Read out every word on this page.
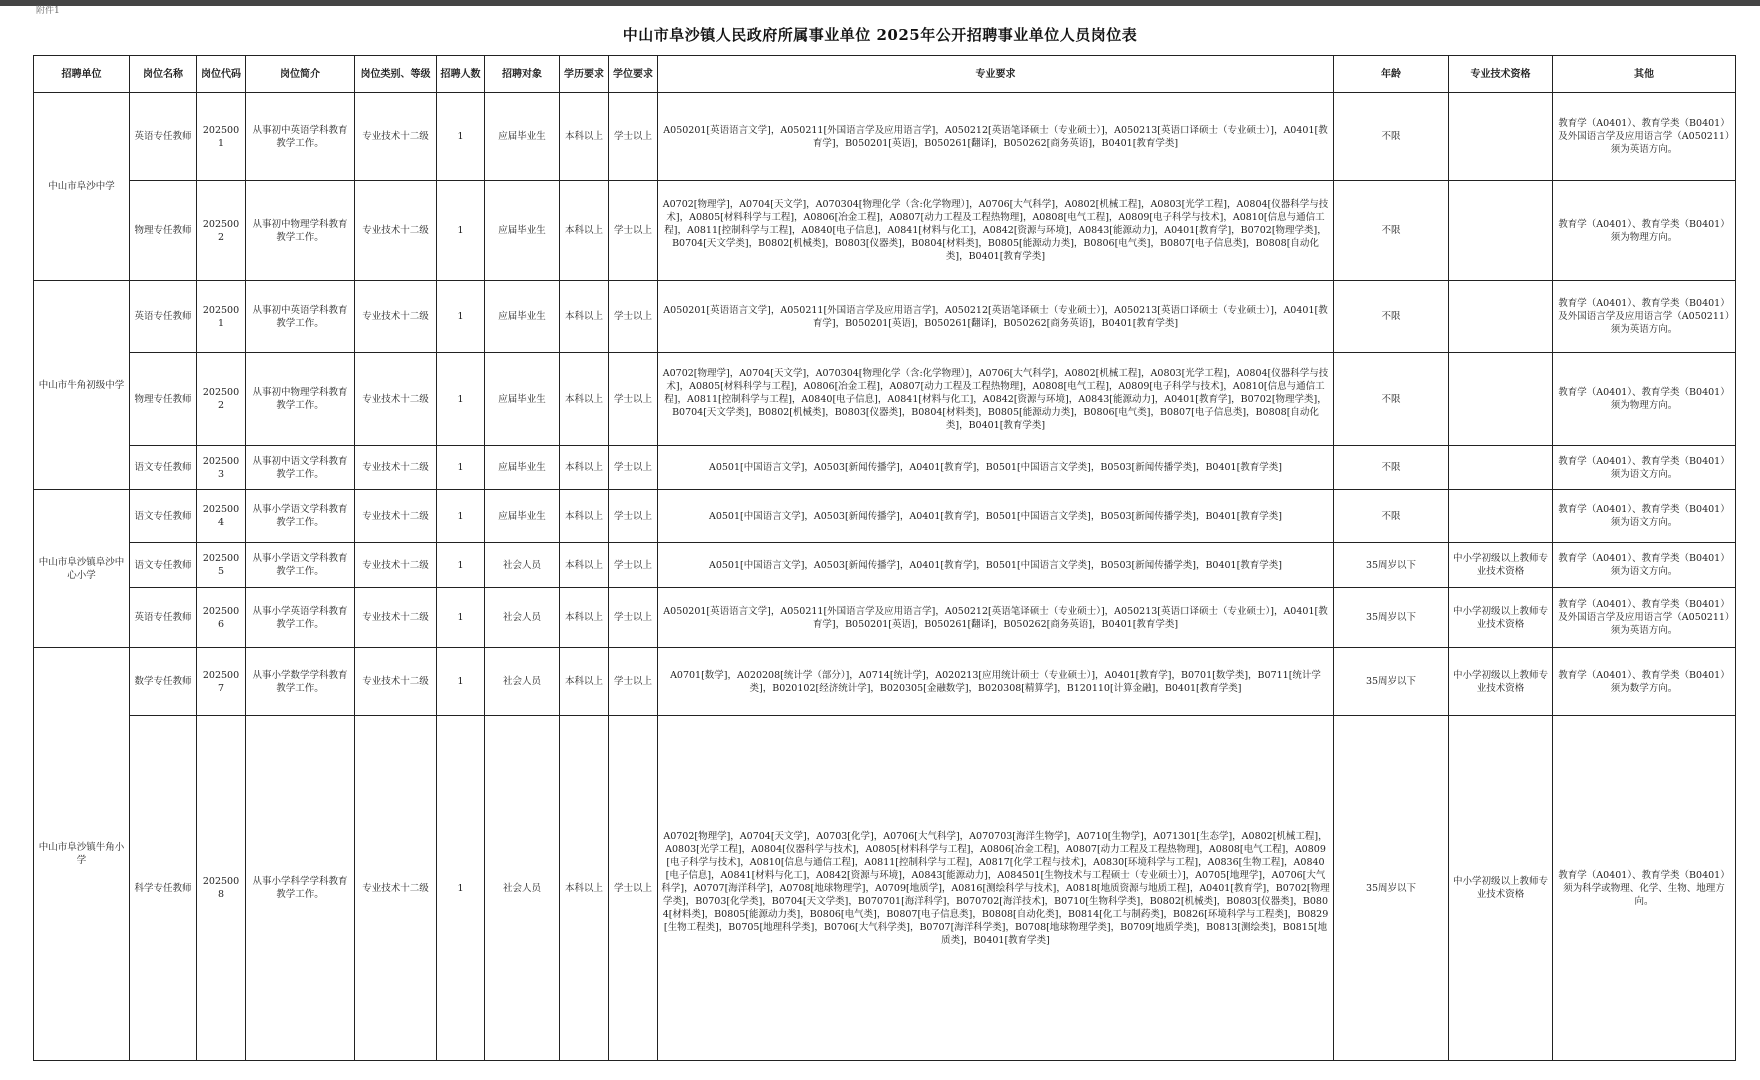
附件1
中山市阜沙镇人民政府所属事业单位 2025年公开招聘事业单位人员岗位表
招聘单位	岗位名称	岗位代码	岗位简介	岗位类别、等级	招聘人数	招聘对象	学历要求	学位要求	专业要求	年龄	专业技术资格	其他
中山市阜沙中学	英语专任教师	2025001	从事初中英语学科教育教学工作。	专业技术十二级	1	应届毕业生	本科以上	学士以上	A050201[英语语言文学]，A050211[外国语言学及应用语言学]，A050212[英语笔译硕士（专业硕士）]，A050213[英语口译硕士（专业硕士）]，A0401[教育学]，B050201[英语]，B050261[翻译]，B050262[商务英语]，B0401[教育学类]	不限		教育学（A0401）、教育学类（B0401）及外国语言学及应用语言学（A050211）须为英语方向。
	物理专任教师	2025002	从事初中物理学科教育教学工作。	专业技术十二级	1	应届毕业生	本科以上	学士以上	A0702[物理学]，A0704[天文学]，A070304[物理化学（含:化学物理）]，A0706[大气科学]，A0802[机械工程]，A0803[光学工程]，A0804[仪器科学与技术]，A0805[材料科学与工程]，A0806[冶金工程]，A0807[动力工程及工程热物理]，A0808[电气工程]，A0809[电子科学与技术]，A0810[信息与通信工程]，A0811[控制科学与工程]，A0840[电子信息]，A0841[材料与化工]，A0842[资源与环境]，A0843[能源动力]，A0401[教育学]，B0702[物理学类]，B0704[天文学类]，B0802[机械类]，B0803[仪器类]，B0804[材料类]，B0805[能源动力类]，B0806[电气类]，B0807[电子信息类]，B0808[自动化类]，B0401[教育学类]	不限		教育学（A0401）、教育学类（B0401）须为物理方向。
中山市牛角初级中学	英语专任教师	2025001	从事初中英语学科教育教学工作。	专业技术十二级	1	应届毕业生	本科以上	学士以上	A050201[英语语言文学]，A050211[外国语言学及应用语言学]，A050212[英语笔译硕士（专业硕士）]，A050213[英语口译硕士（专业硕士）]，A0401[教育学]，B050201[英语]，B050261[翻译]，B050262[商务英语]，B0401[教育学类]	不限		教育学（A0401）、教育学类（B0401）及外国语言学及应用语言学（A050211）须为英语方向。
	物理专任教师	2025002	从事初中物理学科教育教学工作。	专业技术十二级	1	应届毕业生	本科以上	学士以上	A0702[物理学]，A0704[天文学]，A070304[物理化学（含:化学物理）]，A0706[大气科学]，A0802[机械工程]，A0803[光学工程]，A0804[仪器科学与技术]，A0805[材料科学与工程]，A0806[冶金工程]，A0807[动力工程及工程热物理]，A0808[电气工程]，A0809[电子科学与技术]，A0810[信息与通信工程]，A0811[控制科学与工程]，A0840[电子信息]，A0841[材料与化工]，A0842[资源与环境]，A0843[能源动力]，A0401[教育学]，B0702[物理学类]，B0704[天文学类]，B0802[机械类]，B0803[仪器类]，B0804[材料类]，B0805[能源动力类]，B0806[电气类]，B0807[电子信息类]，B0808[自动化类]，B0401[教育学类]	不限		教育学（A0401）、教育学类（B0401）须为物理方向。
	语文专任教师	2025003	从事初中语文学科教育教学工作。	专业技术十二级	1	应届毕业生	本科以上	学士以上	A0501[中国语言文学]，A0503[新闻传播学]，A0401[教育学]，B0501[中国语言文学类]，B0503[新闻传播学类]，B0401[教育学类]	不限		教育学（A0401）、教育学类（B0401）须为语文方向。
中山市阜沙镇阜沙中心小学	语文专任教师	2025004	从事小学语文学科教育教学工作。	专业技术十二级	1	应届毕业生	本科以上	学士以上	A0501[中国语言文学]，A0503[新闻传播学]，A0401[教育学]，B0501[中国语言文学类]，B0503[新闻传播学类]，B0401[教育学类]	不限		教育学（A0401）、教育学类（B0401）须为语文方向。
	语文专任教师	2025005	从事小学语文学科教育教学工作。	专业技术十二级	1	社会人员	本科以上	学士以上	A0501[中国语言文学]，A0503[新闻传播学]，A0401[教育学]，B0501[中国语言文学类]，B0503[新闻传播学类]，B0401[教育学类]	35周岁以下	中小学初级以上教师专业技术资格	教育学（A0401）、教育学类（B0401）须为语文方向。
	英语专任教师	2025006	从事小学英语学科教育教学工作。	专业技术十二级	1	社会人员	本科以上	学士以上	A050201[英语语言文学]，A050211[外国语言学及应用语言学]，A050212[英语笔译硕士（专业硕士）]，A050213[英语口译硕士（专业硕士）]，A0401[教育学]，B050201[英语]，B050261[翻译]，B050262[商务英语]，B0401[教育学类]	35周岁以下	中小学初级以上教师专业技术资格	教育学（A0401）、教育学类（B0401）及外国语言学及应用语言学（A050211）须为英语方向。
中山市阜沙镇牛角小学	数学专任教师	2025007	从事小学数学学科教育教学工作。	专业技术十二级	1	社会人员	本科以上	学士以上	A0701[数学]，A020208[统计学（部分）]，A0714[统计学]，A020213[应用统计硕士（专业硕士）]，A0401[教育学]，B0701[数学类]，B0711[统计学类]，B020102[经济统计学]，B020305[金融数学]，B020308[精算学]，B120110[计算金融]，B0401[教育学类]	35周岁以下	中小学初级以上教师专业技术资格	教育学（A0401）、教育学类（B0401）须为数学方向。
	科学专任教师	2025008	从事小学科学学科教育教学工作。	专业技术十二级	1	社会人员	本科以上	学士以上	A0702[物理学]，A0704[天文学]，A0703[化学]，A0706[大气科学]，A070703[海洋生物学]，A0710[生物学]，A071301[生态学]，A0802[机械工程]，A0803[光学工程]，A0804[仪器科学与技术]，A0805[材料科学与工程]，A0806[冶金工程]，A0807[动力工程及工程热物理]，A0808[电气工程]，A0809[电子科学与技术]，A0810[信息与通信工程]，A0811[控制科学与工程]，A0817[化学工程与技术]，A0830[环境科学与工程]，A0836[生物工程]，A0840[电子信息]，A0841[材料与化工]，A0842[资源与环境]，A0843[能源动力]，A084501[生物技术与工程硕士（专业硕士）]，A0705[地理学]，A0706[大气科学]，A0707[海洋科学]，A0708[地球物理学]，A0709[地质学]，A0816[测绘科学与技术]，A0818[地质资源与地质工程]，A0401[教育学]，B0702[物理学类]，B0703[化学类]，B0704[天文学类]，B070701[海洋科学]，B070702[海洋技术]，B0710[生物科学类]，B0802[机械类]，B0803[仪器类]，B0804[材料类]，B0805[能源动力类]，B0806[电气类]，B0807[电子信息类]，B0808[自动化类]，B0814[化工与制药类]，B0826[环境科学与工程类]，B0829[生物工程类]，B0705[地理科学类]，B0706[大气科学类]，B0707[海洋科学类]，B0708[地球物理学类]，B0709[地质学类]，B0813[测绘类]，B0815[地质类]，B0401[教育学类]	35周岁以下	中小学初级以上教师专业技术资格	教育学（A0401）、教育学类（B0401）须为科学或物理、化学、生物、地理方向。
